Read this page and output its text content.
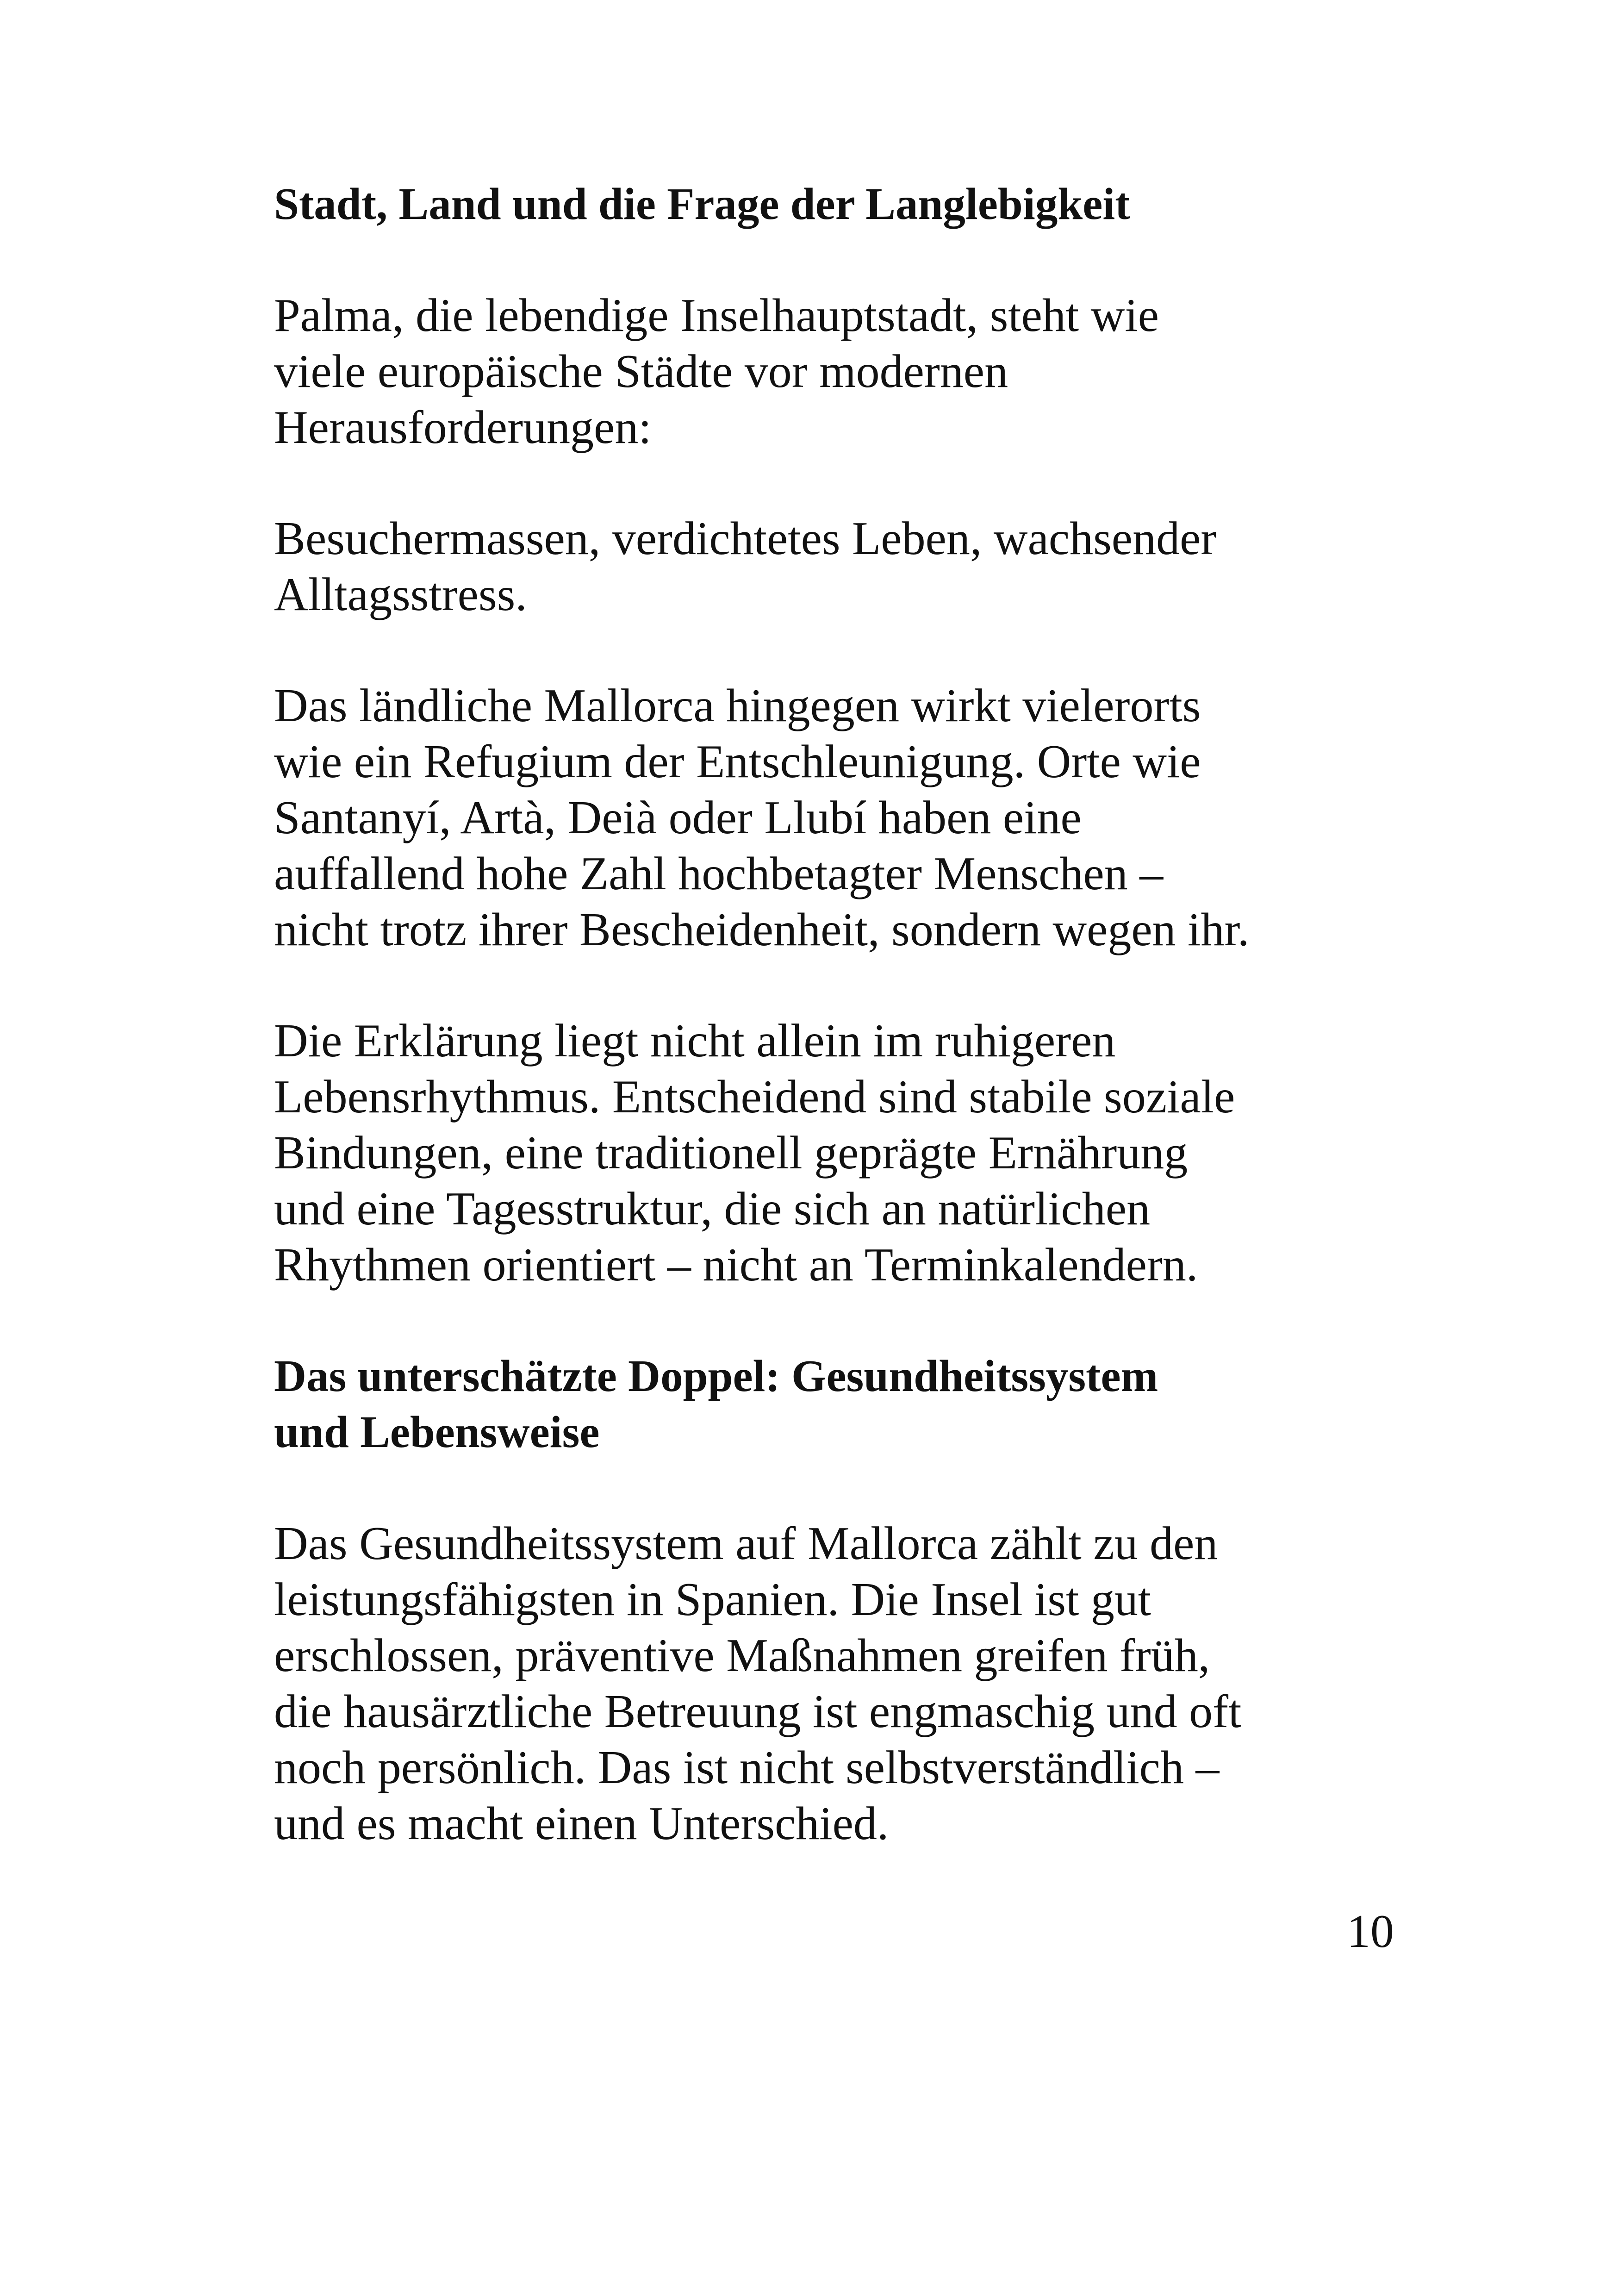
Stadt, Land und die Frage der Langlebigkeit

Palma, die lebendige Inselhauptstadt, steht wie
viele europäische Städte vor modernen
Herausforderungen:

Besuchermassen, verdichtetes Leben, wachsender
Alltagsstress.

Das ländliche Mallorca hingegen wirkt vielerorts
wie ein Refugium der Entschleunigung. Orte wie
Santanyí, Artà, Deià oder Llubí haben eine
auffallend hohe Zahl hochbetagter Menschen –
nicht trotz ihrer Bescheidenheit, sondern wegen ihr.

Die Erklärung liegt nicht allein im ruhigeren
Lebensrhythmus. Entscheidend sind stabile soziale
Bindungen, eine traditionell geprägte Ernährung
und eine Tagesstruktur, die sich an natürlichen
Rhythmen orientiert – nicht an Terminkalendern.

Das unterschätzte Doppel: Gesundheitssystem
und Lebensweise

Das Gesundheitssystem auf Mallorca zählt zu den
leistungsfähigsten in Spanien. Die Insel ist gut
erschlossen, präventive Maßnahmen greifen früh,
die hausärztliche Betreuung ist engmaschig und oft
noch persönlich. Das ist nicht selbstverständlich –
und es macht einen Unterschied.

10
